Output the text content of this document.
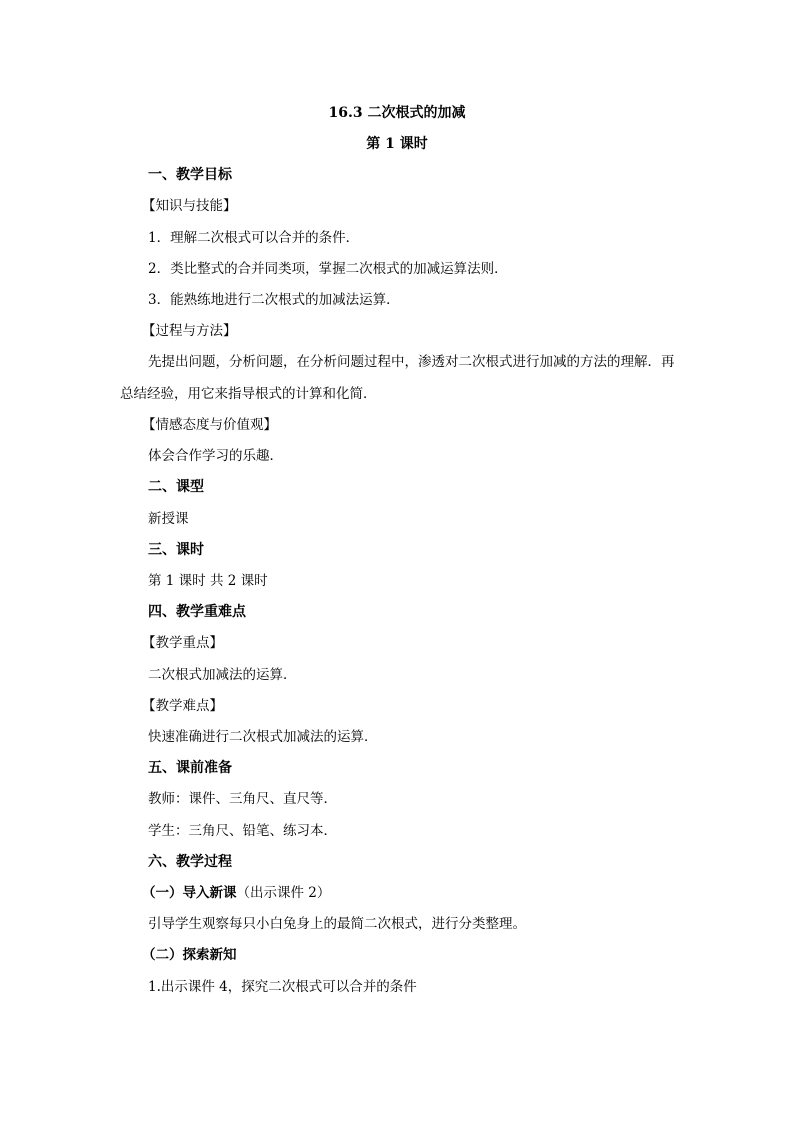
16.3 二次根式的加减
第 1 课时
一、教学目标
【知识与技能】
1．理解二次根式可以合并的条件．
2．类比整式的合并同类项，掌握二次根式的加减运算法则．
3．能熟练地进行二次根式的加减法运算．
【过程与方法】
先提出问题，分析问题，在分析问题过程中，渗透对二次根式进行加减的方法的理解．再
总结经验，用它来指导根式的计算和化简．
【情感态度与价值观】
体会合作学习的乐趣．
二、课型
新授课
三、课时
第 1 课时 共 2 课时
四、教学重难点
【教学重点】
二次根式加减法的运算．
【教学难点】
快速准确进行二次根式加减法的运算．
五、课前准备
教师：课件、三角尺、直尺等．
学生：三角尺、铅笔、练习本．
六、教学过程
（一）导入新课（出示课件 2）
引导学生观察每只小白兔身上的最简二次根式，进行分类整理。
（二）探索新知
1.出示课件 4，探究二次根式可以合并的条件
